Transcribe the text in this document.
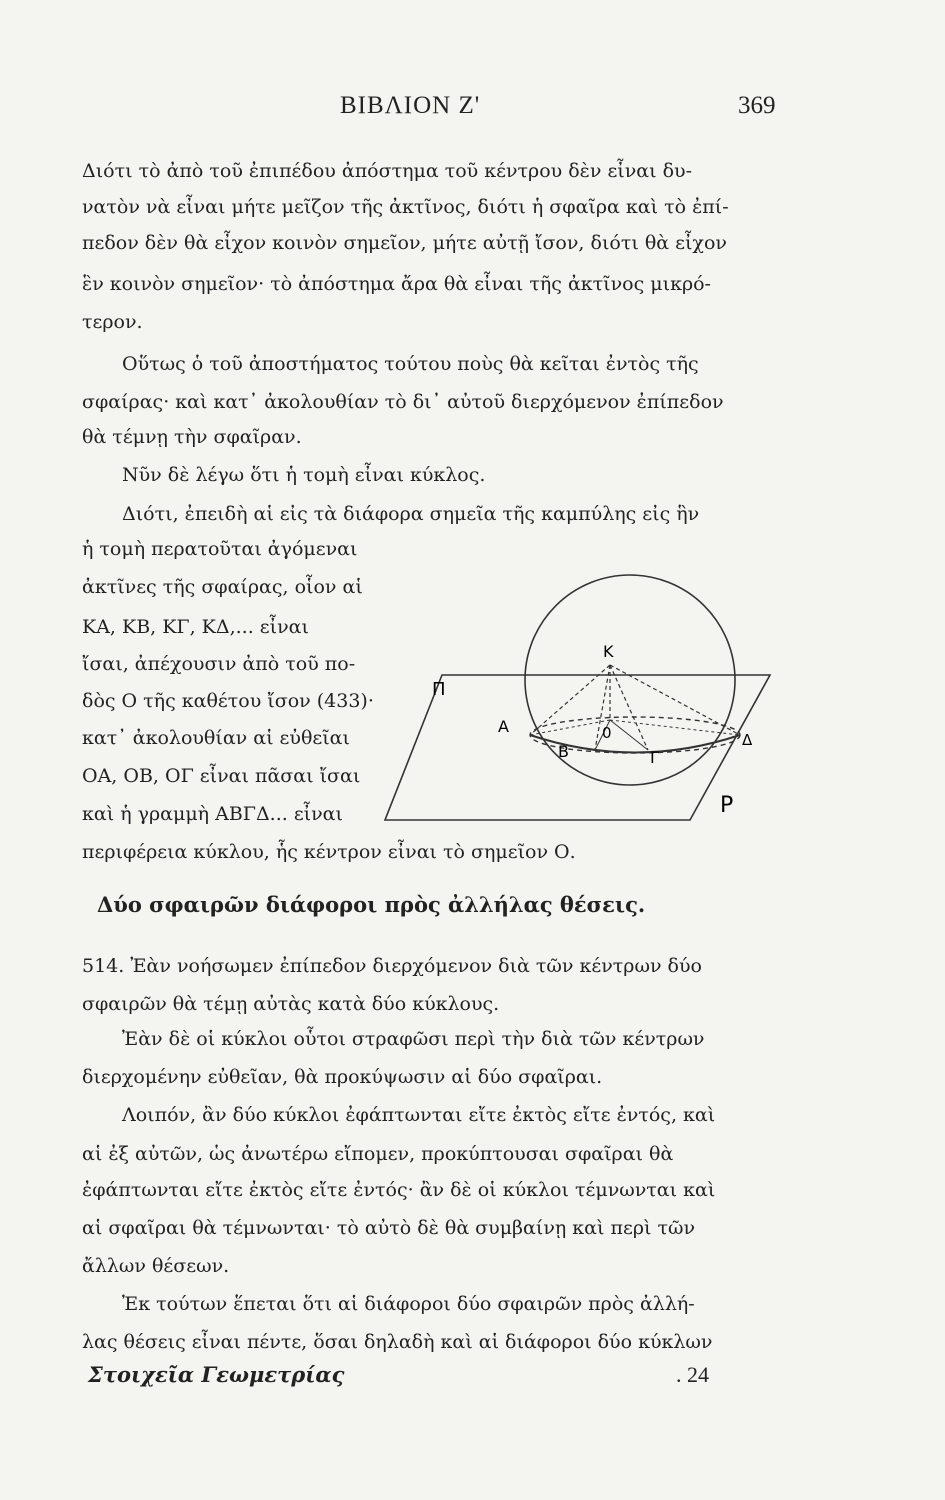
ΒΙΒΛΙΟΝ Ζ'	369
Διότι τὸ ἀπὸ τοῦ ἐπιπέδου ἀπόστημα τοῦ κέντρου δὲν εἶναι δυ-
νατὸν νὰ εἶναι μήτε μεῖζον τῆς ἀκτῖνος, διότι ἡ σφαῖρα καὶ τὸ ἐπί-
πεδον δὲν θὰ εἶχον κοινὸν σημεῖον, μήτε αὐτῇ ἴσον, διότι θὰ εἶχον
ἓν κοινὸν σημεῖον· τὸ ἀπόστημα ἄρα θὰ εἶναι τῆς ἀκτῖνος μικρό-
τερον.
Οὕτως ὁ τοῦ ἀποστήματος τούτου ποὺς θὰ κεῖται ἐντὸς τῆς
σφαίρας· καὶ κατ᾿ ἀκολουθίαν τὸ δι᾿ αὐτοῦ διερχόμενον ἐπίπεδον
θὰ τέμνῃ τὴν σφαῖραν.
Νῦν δὲ λέγω ὅτι ἡ τομὴ εἶναι κύκλος.
Διότι, ἐπειδὴ αἱ εἰς τὰ διάφορα σημεῖα τῆς καμπύλης εἰς ἣν
ἡ τομὴ περατοῦται ἀγόμεναι
ἀκτῖνες τῆς σφαίρας, οἷον αἱ
ΚΑ, ΚΒ, ΚΓ, ΚΔ,... εἶναι
ἴσαι, ἀπέχουσιν ἀπὸ τοῦ πο-
δὸς Ο τῆς καθέτου ἴσον (433)·
κατ᾿ ἀκολουθίαν αἱ εὐθεῖαι
ΟΑ, ΟΒ, ΟΓ εἶναι πᾶσαι ἴσαι
καὶ ἡ γραμμὴ ΑΒΓΔ... εἶναι
περιφέρεια κύκλου, ἧς κέντρον εἶναι τὸ σημεῖον Ο.
Π
P
K
0
A
B	Γ
Δ
Δύο σφαιρῶν διάφοροι πρὸς ἀλλήλας θέσεις.
514. Ἐὰν νοήσωμεν ἐπίπεδον διερχόμενον διὰ τῶν κέντρων δύο
σφαιρῶν θὰ τέμῃ αὐτὰς κατὰ δύο κύκλους.
Ἐὰν δὲ οἱ κύκλοι οὗτοι στραφῶσι περὶ τὴν διὰ τῶν κέντρων
διερχομένην εὐθεῖαν, θὰ προκύψωσιν αἱ δύο σφαῖραι.
Λοιπόν, ἂν δύο κύκλοι ἐφάπτωνται εἴτε ἐκτὸς εἴτε ἐντός, καὶ
αἱ ἐξ αὐτῶν, ὡς ἀνωτέρω εἴπομεν, προκύπτουσαι σφαῖραι θὰ
ἐφάπτωνται εἴτε ἐκτὸς εἴτε ἐντός· ἂν δὲ οἱ κύκλοι τέμνωνται καὶ
αἱ σφαῖραι θὰ τέμνωνται· τὸ αὐτὸ δὲ θὰ συμβαίνῃ καὶ περὶ τῶν
ἄλλων θέσεων.
Ἐκ τούτων ἕπεται ὅτι αἱ διάφοροι δύο σφαιρῶν πρὸς ἀλλή-
λας θέσεις εἶναι πέντε, ὅσαι δηλαδὴ καὶ αἱ διάφοροι δύο κύκλων
Στοιχεῖα Γεωμετρίας	. 24
